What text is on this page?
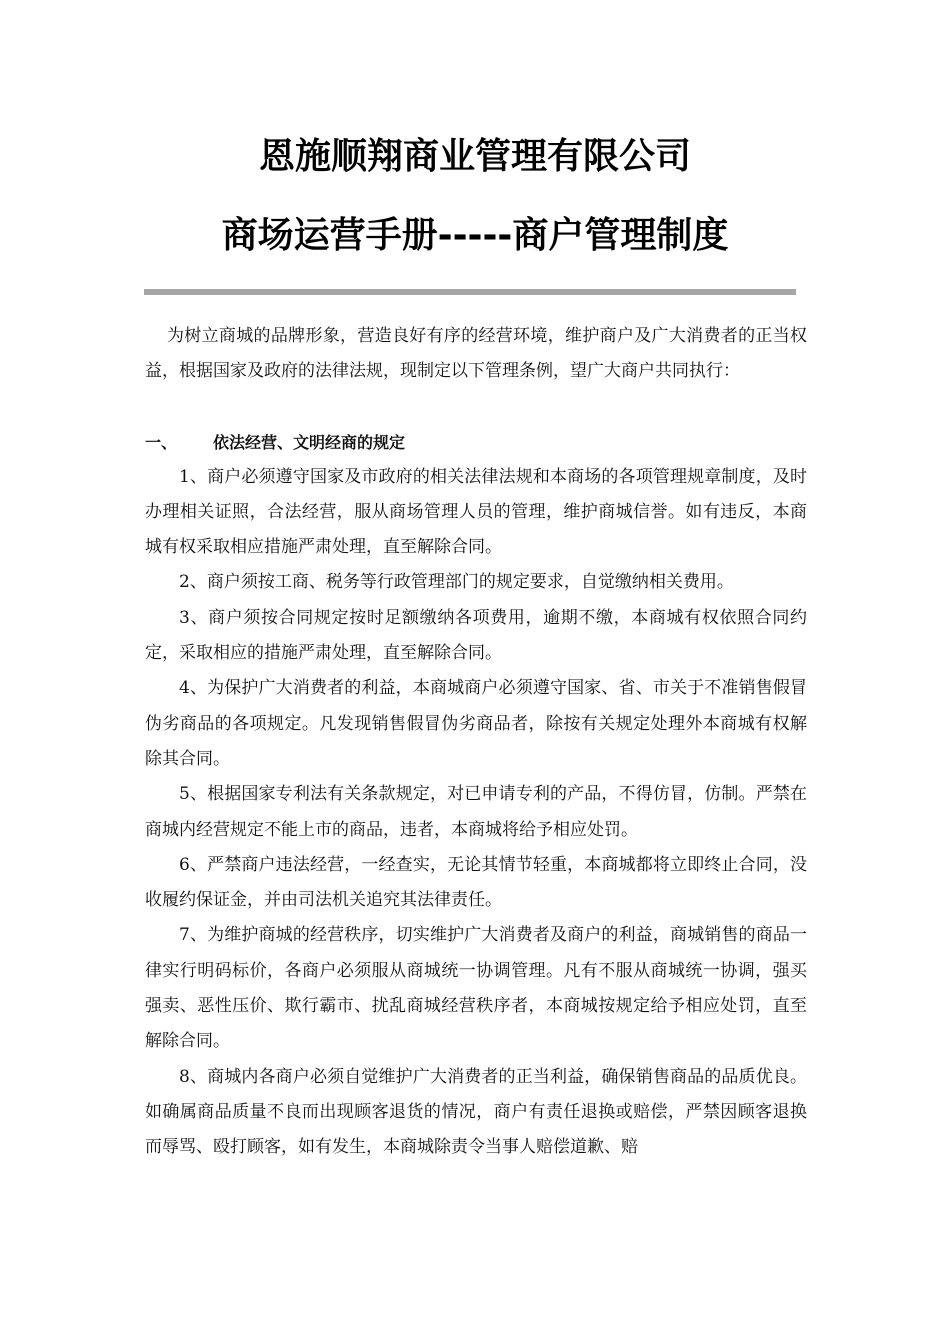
恩施顺翔商业管理有限公司
商场运营手册-----商户管理制度

为树立商城的品牌形象，营造良好有序的经营环境，维护商户及广大消费者的正当权益，根据国家及政府的法律法规，现制定以下管理条例，望广大商户共同执行：

一、 依法经营、文明经商的规定

1、商户必须遵守国家及市政府的相关法律法规和本商场的各项管理规章制度，及时办理相关证照，合法经营，服从商场管理人员的管理，维护商城信誉。如有违反，本商城有权采取相应措施严肃处理，直至解除合同。

2、商户须按工商、税务等行政管理部门的规定要求，自觉缴纳相关费用。

3、商户须按合同规定按时足额缴纳各项费用，逾期不缴，本商城有权依照合同约定，采取相应的措施严肃处理，直至解除合同。

4、为保护广大消费者的利益，本商城商户必须遵守国家、省、市关于不准销售假冒伪劣商品的各项规定。凡发现销售假冒伪劣商品者，除按有关规定处理外本商城有权解除其合同。

5、根据国家专利法有关条款规定，对已申请专利的产品，不得仿冒，仿制。严禁在商城内经营规定不能上市的商品，违者，本商城将给予相应处罚。

6、严禁商户违法经营，一经查实，无论其情节轻重，本商城都将立即终止合同，没收履约保证金，并由司法机关追究其法律责任。

7、为维护商城的经营秩序，切实维护广大消费者及商户的利益，商城销售的商品一律实行明码标价，各商户必须服从商城统一协调管理。凡有不服从商城统一协调，强买强卖、恶性压价、欺行霸市、扰乱商城经营秩序者，本商城按规定给予相应处罚，直至解除合同。

8、商城内各商户必须自觉维护广大消费者的正当利益，确保销售商品的品质优良。如确属商品质量不良而出现顾客退货的情况，商户有责任退换或赔偿，严禁因顾客退换而辱骂、殴打顾客，如有发生，本商城除责令当事人赔偿道歉、赔
